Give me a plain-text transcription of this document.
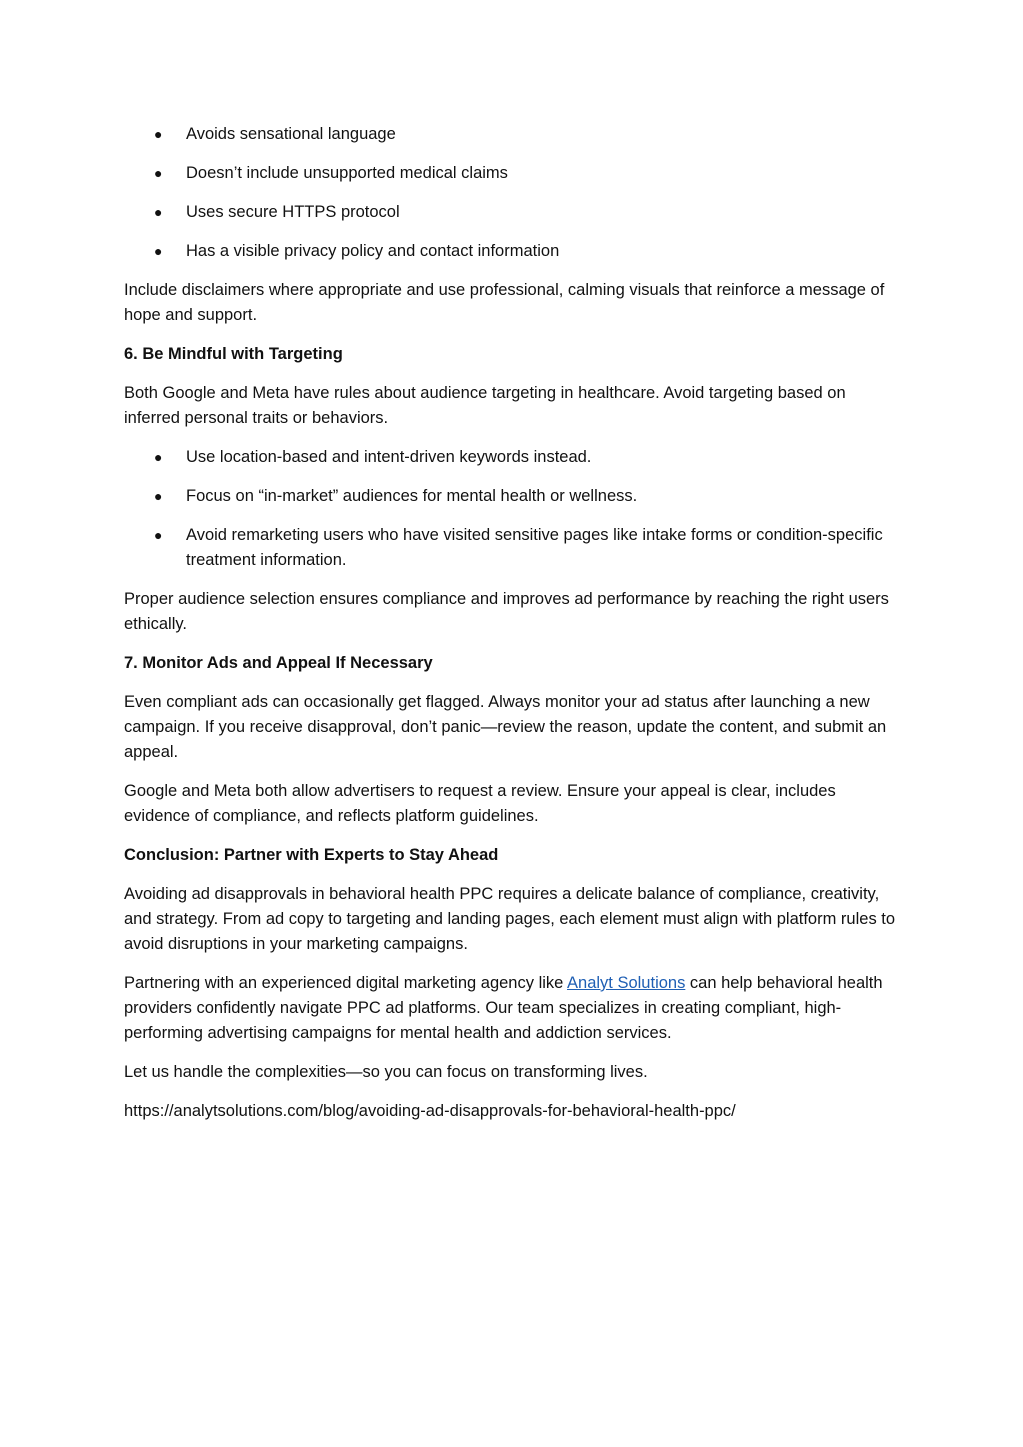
● Avoids sensational language
● Doesn’t include unsupported medical claims
● Uses secure HTTPS protocol
● Has a visible privacy policy and contact information

Include disclaimers where appropriate and use professional, calming visuals that reinforce a message of hope and support.

6. Be Mindful with Targeting

Both Google and Meta have rules about audience targeting in healthcare. Avoid targeting based on inferred personal traits or behaviors.

● Use location-based and intent-driven keywords instead.
● Focus on “in-market” audiences for mental health or wellness.
● Avoid remarketing users who have visited sensitive pages like intake forms or condition-specific treatment information.

Proper audience selection ensures compliance and improves ad performance by reaching the right users ethically.

7. Monitor Ads and Appeal If Necessary

Even compliant ads can occasionally get flagged. Always monitor your ad status after launching a new campaign. If you receive disapproval, don’t panic—review the reason, update the content, and submit an appeal.

Google and Meta both allow advertisers to request a review. Ensure your appeal is clear, includes evidence of compliance, and reflects platform guidelines.

Conclusion: Partner with Experts to Stay Ahead

Avoiding ad disapprovals in behavioral health PPC requires a delicate balance of compliance, creativity, and strategy. From ad copy to targeting and landing pages, each element must align with platform rules to avoid disruptions in your marketing campaigns.

Partnering with an experienced digital marketing agency like Analyt Solutions can help behavioral health providers confidently navigate PPC ad platforms. Our team specializes in creating compliant, high-performing advertising campaigns for mental health and addiction services.

Let us handle the complexities—so you can focus on transforming lives.

https://analytsolutions.com/blog/avoiding-ad-disapprovals-for-behavioral-health-ppc/
